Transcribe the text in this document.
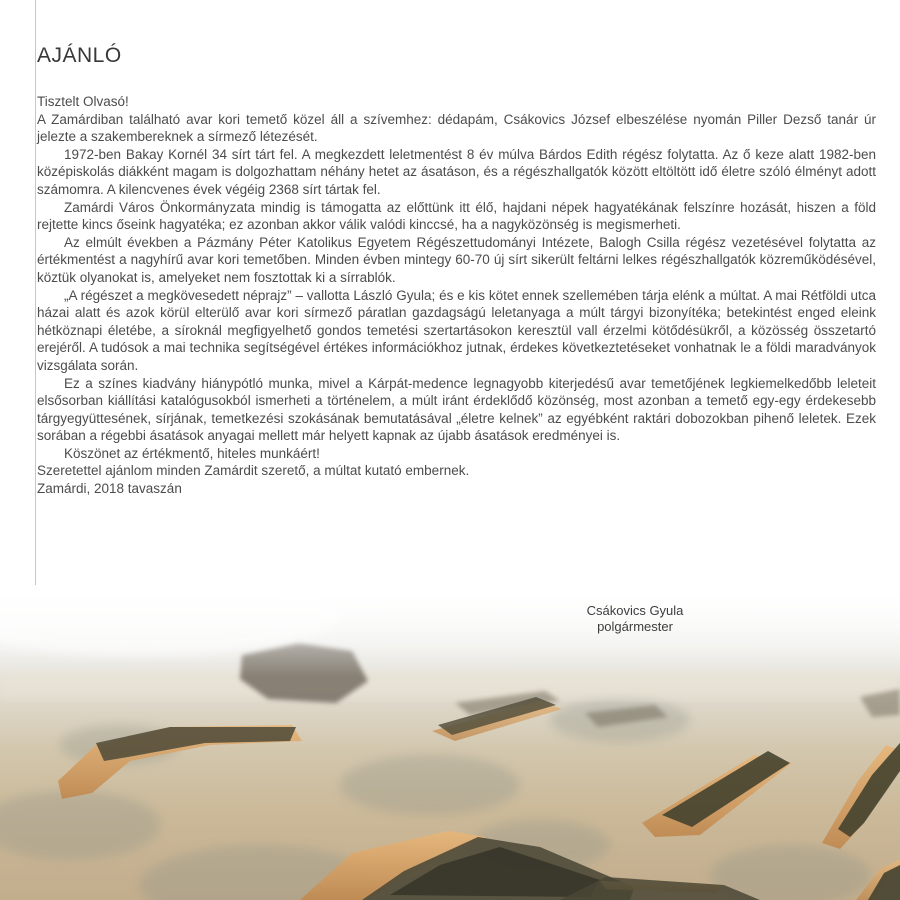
AJÁNLÓ

Tisztelt Olvasó!

A Zamárdiban található avar kori temető közel áll a szívemhez: dédapám, Csákovics József elbeszélése nyomán Piller Dezső tanár úr jelezte a szakembereknek a sírmező létezését.

1972-ben Bakay Kornél 34 sírt tárt fel. A megkezdett leletmentést 8 év múlva Bárdos Edith régész folytatta. Az ő keze alatt 1982-ben középiskolás diákként magam is dolgozhattam néhány hetet az ásatáson, és a régészhallgatók között eltöltött idő életre szóló élményt adott számomra. A kilencvenes évek végéig 2368 sírt tártak fel.

Zamárdi Város Önkormányzata mindig is támogatta az előttünk itt élő, hajdani népek hagyatékának felszínre hozását, hiszen a föld rejtette kincs őseink hagyatéka; ez azonban akkor válik valódi kinccsé, ha a nagyközönség is megismerheti.

Az elmúlt években a Pázmány Péter Katolikus Egyetem Régészettudományi Intézete, Balogh Csilla régész vezetésével folytatta az értékmentést a nagyhírű avar kori temetőben. Minden évben mintegy 60-70 új sírt sikerült feltárni lelkes régészhallgatók közreműködésével, köztük olyanokat is, amelyeket nem fosztottak ki a sírrablók.

„A régészet a megkövesedett néprajz” – vallotta László Gyula; és e kis kötet ennek szellemében tárja elénk a múltat. A mai Rétföldi utca házai alatt és azok körül elterülő avar kori sírmező páratlan gazdagságú leletanyaga a múlt tárgyi bizonyítéka; betekintést enged eleink hétköznapi életébe, a síroknál megfigyelhető gondos temetési szertartásokon keresztül vall érzelmi kötődésükről, a közösség összetartó erejéről. A tudósok a mai technika segítségével értékes információkhoz jutnak, érdekes következtetéseket vonhatnak le a földi maradványok vizsgálata során.

Ez a színes kiadvány hiánypótló munka, mivel a Kárpát-medence legnagyobb kiterjedésű avar temetőjének legkiemelkedőbb leleteit elsősorban kiállítási katalógusokból ismerheti a történelem, a múlt iránt érdeklődő közönség, most azonban a temető egy-egy érdekesebb tárgyegyüttesének, sírjának, temetkezési szokásának bemutatásával „életre kelnek” az egyébként raktári dobozokban pihenő leletek. Ezek sorában a régebbi ásatások anyagai mellett már helyett kapnak az újabb ásatások eredményei is.

Köszönet az értékmentő, hiteles munkáért!

Szeretettel ajánlom minden Zamárdit szerető, a múltat kutató embernek.

Zamárdi, 2018 tavaszán

Csákovics Gyula
polgármester
